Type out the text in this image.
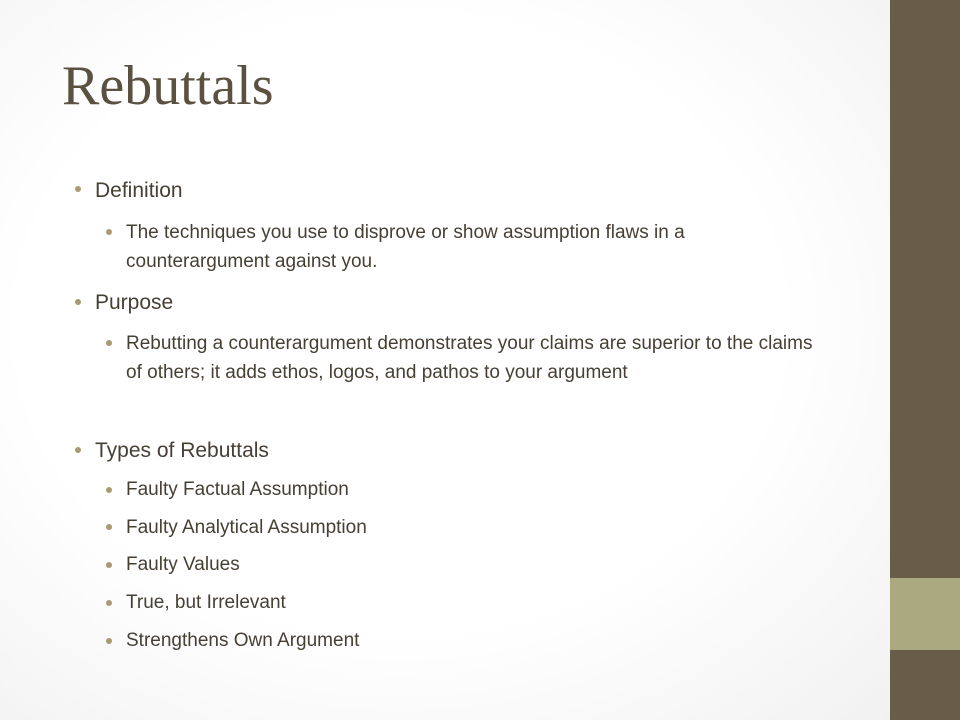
Rebuttals
Definition
The techniques you use to disprove or show assumption flaws in a counterargument against you.
Purpose
Rebutting a counterargument demonstrates your claims are superior to the claims of others; it adds ethos, logos, and pathos to your argument
Types of Rebuttals
Faulty Factual Assumption
Faulty Analytical Assumption
Faulty Values
True, but Irrelevant
Strengthens Own Argument
